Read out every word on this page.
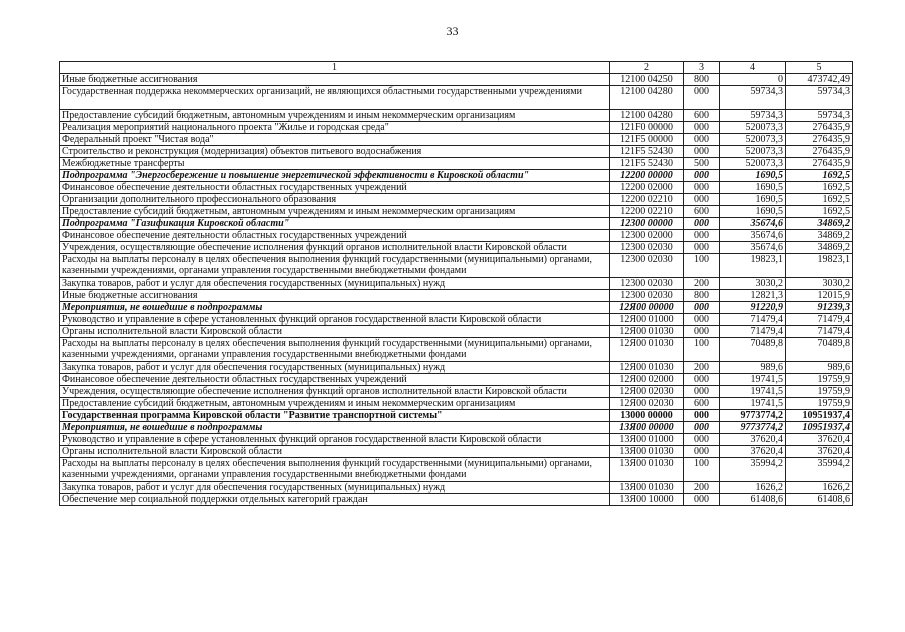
33
1	2	3	4	5
Иные бюджетные ассигнования	12100 04250	800	0	473742,49
Государственная поддержка некоммерческих организаций, не являющихся областными государственными учреждениями	12100 04280	000	59734,3	59734,3
Предоставление субсидий бюджетным, автономным учреждениям и иным некоммерческим организациям	12100 04280	600	59734,3	59734,3
Реализация мероприятий национального проекта "Жилье и городская среда"	121F0 00000	000	520073,3	276435,9
Федеральный проект "Чистая вода"	121F5 00000	000	520073,3	276435,9
Строительство и реконструкция (модернизация) объектов питьевого водоснабжения	121F5 52430	000	520073,3	276435,9
Межбюджетные трансферты	121F5 52430	500	520073,3	276435,9
Подпрограмма "Энергосбережение и повышение энергетической эффективности в Кировской области"	12200 00000	000	1690,5	1692,5
Финансовое обеспечение деятельности областных государственных учреждений	12200 02000	000	1690,5	1692,5
Организации дополнительного профессионального образования	12200 02210	000	1690,5	1692,5
Предоставление субсидий бюджетным, автономным учреждениям и иным некоммерческим организациям	12200 02210	600	1690,5	1692,5
Подпрограмма "Газификация Кировской области"	12300 00000	000	35674,6	34869,2
Финансовое обеспечение деятельности областных государственных учреждений	12300 02000	000	35674,6	34869,2
Учреждения, осуществляющие обеспечение исполнения функций органов исполнительной власти Кировской области	12300 02030	000	35674,6	34869,2
Расходы на выплаты персоналу в целях обеспечения выполнения функций государственными (муниципальными) органами, казенными учреждениями, органами управления государственными внебюджетными фондами	12300 02030	100	19823,1	19823,1
Закупка товаров, работ и услуг для обеспечения государственных (муниципальных) нужд	12300 02030	200	3030,2	3030,2
Иные бюджетные ассигнования	12300 02030	800	12821,3	12015,9
Мероприятия, не вошедшие в подпрограммы	12Я00 00000	000	91220,9	91239,3
Руководство и управление в сфере установленных функций органов государственной власти Кировской области	12Я00 01000	000	71479,4	71479,4
Органы исполнительной власти Кировской области	12Я00 01030	000	71479,4	71479,4
Расходы на выплаты персоналу в целях обеспечения выполнения функций государственными (муниципальными) органами, казенными учреждениями, органами управления государственными внебюджетными фондами	12Я00 01030	100	70489,8	70489,8
Закупка товаров, работ и услуг для обеспечения государственных (муниципальных) нужд	12Я00 01030	200	989,6	989,6
Финансовое обеспечение деятельности областных государственных учреждений	12Я00 02000	000	19741,5	19759,9
Учреждения, осуществляющие обеспечение исполнения функций органов исполнительной власти Кировской области	12Я00 02030	000	19741,5	19759,9
Предоставление субсидий бюджетным, автономным учреждениям и иным некоммерческим организациям	12Я00 02030	600	19741,5	19759,9
Государственная программа Кировской области "Развитие транспортной системы"	13000 00000	000	9773774,2	10951937,4
Мероприятия, не вошедшие в подпрограммы	13Я00 00000	000	9773774,2	10951937,4
Руководство и управление в сфере установленных функций органов государственной власти Кировской области	13Я00 01000	000	37620,4	37620,4
Органы исполнительной власти Кировской области	13Я00 01030	000	37620,4	37620,4
Расходы на выплаты персоналу в целях обеспечения выполнения функций государственными (муниципальными) органами, казенными учреждениями, органами управления государственными внебюджетными фондами	13Я00 01030	100	35994,2	35994,2
Закупка товаров, работ и услуг для обеспечения государственных (муниципальных) нужд	13Я00 01030	200	1626,2	1626,2
Обеспечение мер социальной поддержки отдельных категорий граждан	13Я00 10000	000	61408,6	61408,6
